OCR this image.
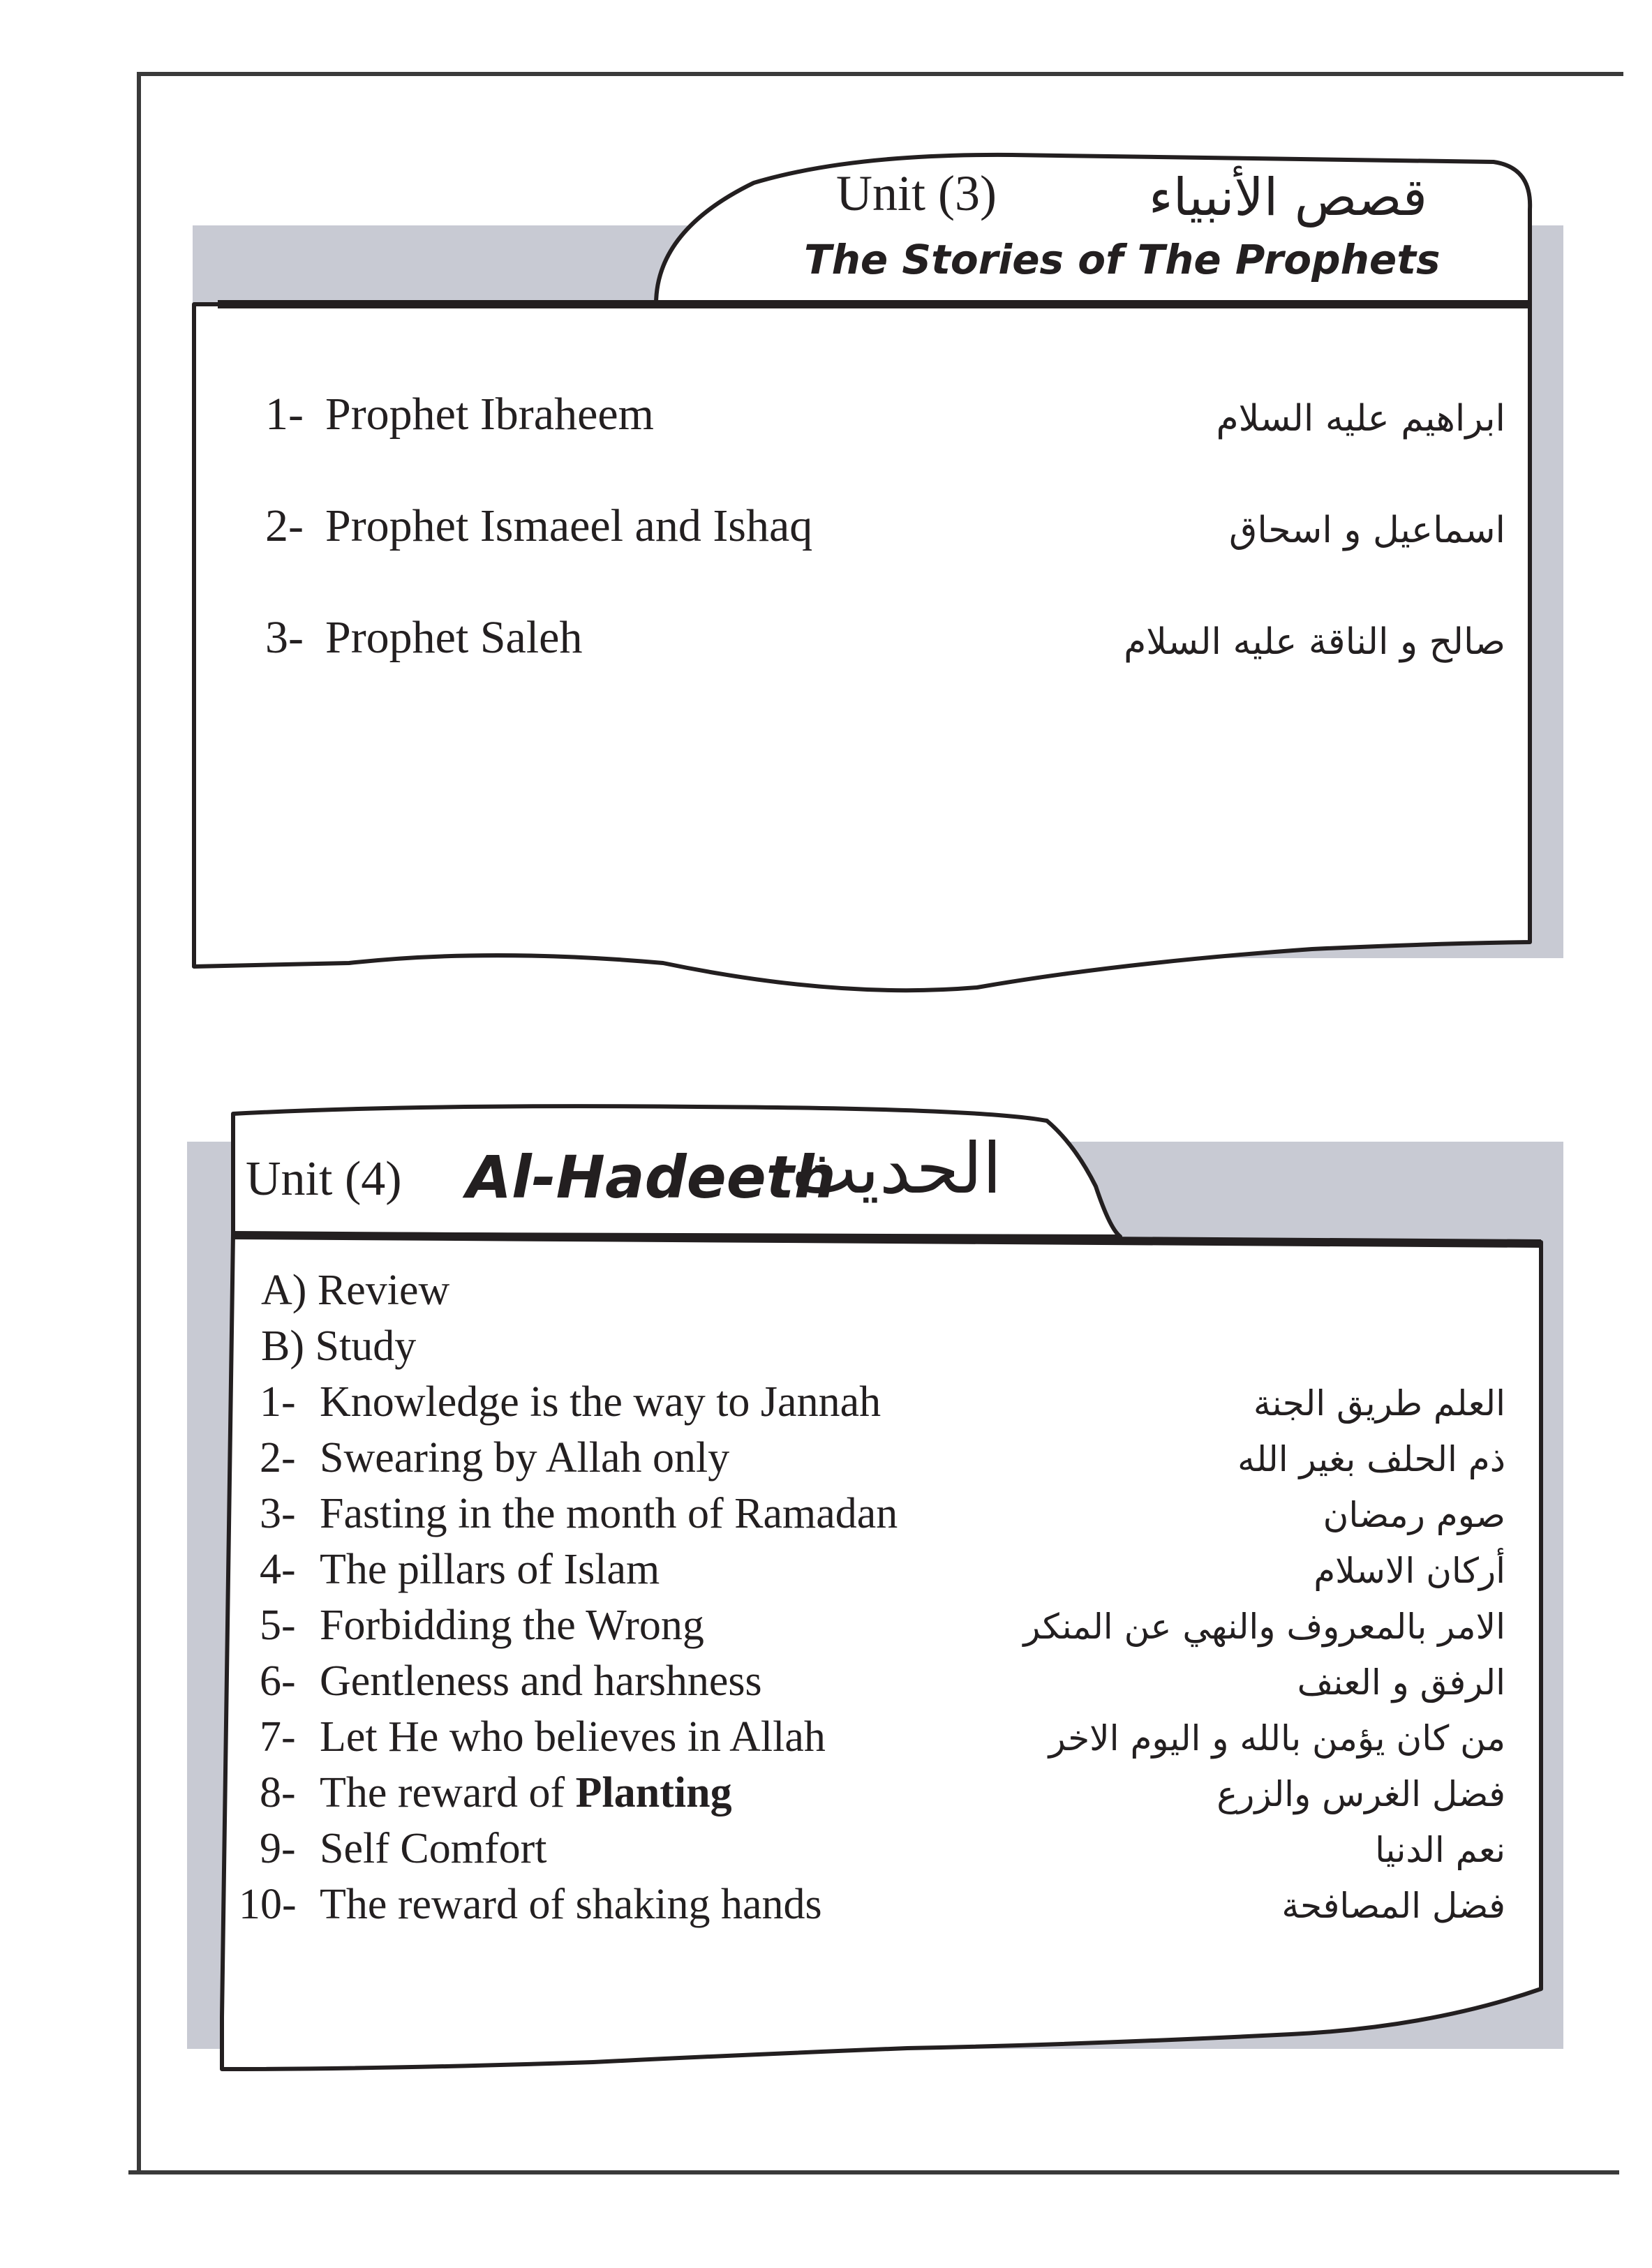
Unit (3)	قصص الأنبياء
The Stories of The Prophets
1- Prophet Ibraheem	ابراهيم عليه السلام
2- Prophet Ismaeel and Ishaq	اسماعيل و اسحاق
3- Prophet Saleh	صالح و الناقة عليه السلام
Unit (4) Al-Hadeeth
الحديث
A) Review
B) Study
1- Knowledge is the way to Jannah	العلم طريق الجنة
2- Swearing by Allah only	ذم الحلف بغير الله
3- Fasting in the month of Ramadan	صوم رمضان
4- The pillars of Islam	أركان الاسلام
5- Forbidding the Wrong	الامر بالمعروف والنهي عن المنكر
6- Gentleness and harshness	الرفق و العنف
7- Let He who believes in Allah	من كان يؤمن بالله و اليوم الاخر
8- The reward of Planting	فضل الغرس والزرع
9- Self Comfort	نعم الدنيا
10- The reward of shaking hands	فضل المصافحة
